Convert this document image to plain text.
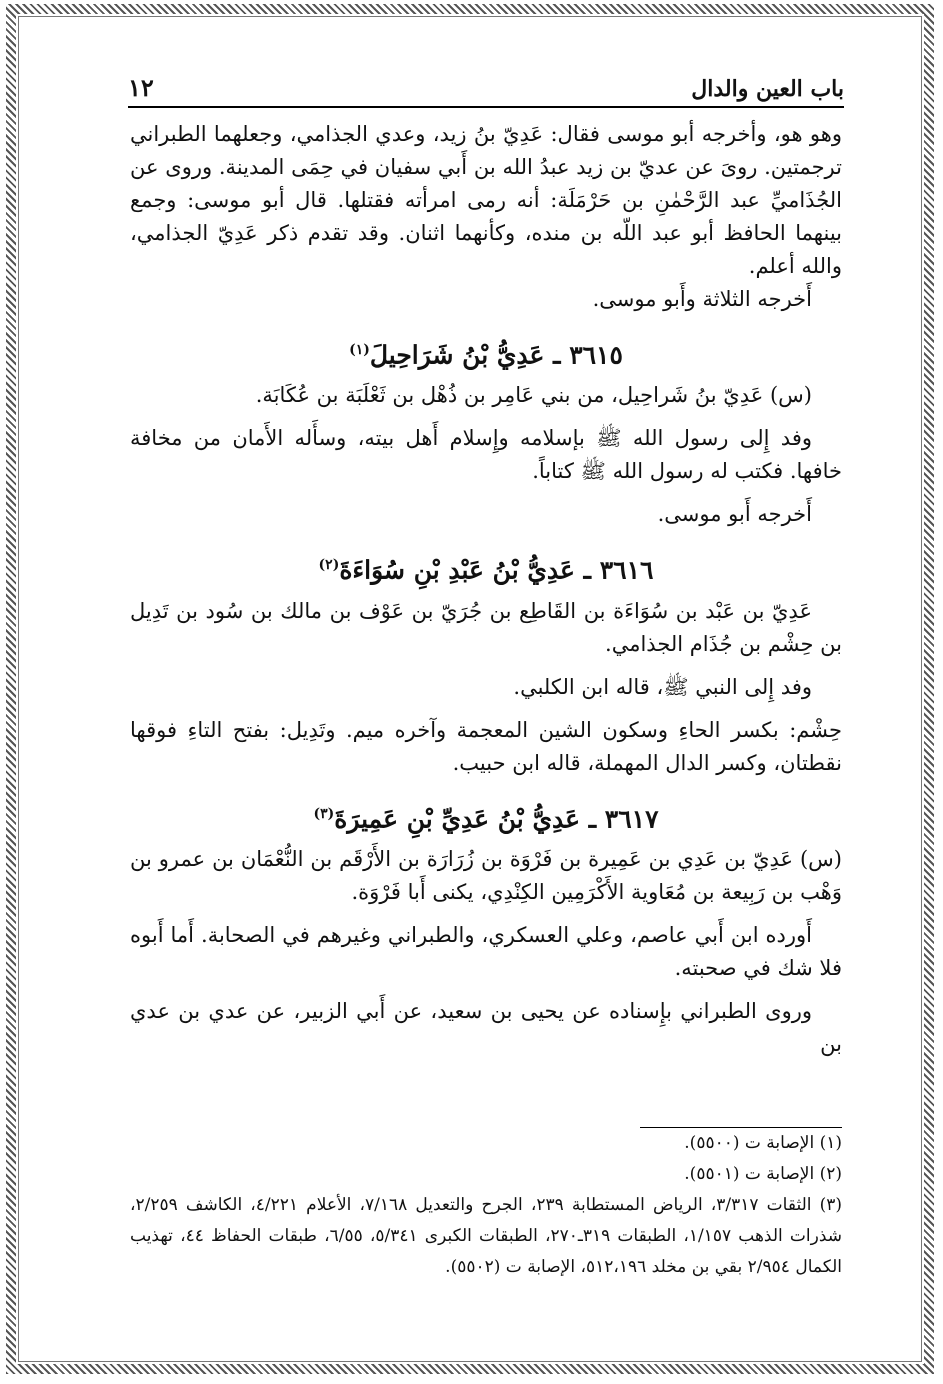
باب العين والدال
١٢

وهو هو، وأخرجه أبو موسى فقال: عَدِيّ بنُ زيد، وعدي الجذامي، وجعلهما الطبراني ترجمتين. روىَ عن عديّ بن زيد عبدُ الله بن أَبي سفيان في حِمَى المدينة. وروى عن الجُذَاميِّ عبد الرَّحْمٰنِ بن حَرْمَلَة: أنه رمى امرأته فقتلها. قال أبو موسى: وجمع بينهما الحافظ أبو عبد اللّه بن منده، وكأنهما اثنان. وقد تقدم ذكر عَدِيّ الجذامي، والله أعلم.

أَخرجه الثلاثة وأَبو موسى.

٣٦١٥ ـ عَدِيُّ بْنُ شَرَاحِيلَ$^{(١)}$

(س) عَدِيّ بنُ شَراحِيل، من بني عَامِر بن ذُهْل بن ثَعْلَبَة بن عُكَابَة.

وفد إِلى رسول الله ﷺ بإسلامه وإِسلام أَهل بيته، وسأَله الأَمان من مخافة خافها. فكتب له رسول الله ﷺ كتاباً.

أَخرجه أَبو موسى.

٣٦١٦ ـ عَدِيُّ بْنُ عَبْدِ بْنِ سُوَاءَةَ$^{(٢)}$

عَدِيّ بن عَبْد بن سُوَاءَة بن القَاطِع بن جُرَيّ بن عَوْف بن مالك بن سُود بن تَدِيل بن حِشْم بن جُذَام الجذامي.

وفد إِلى النبي ﷺ، قاله ابن الكلبي.

حِشْم: بكسر الحاءِ وسكون الشين المعجمة وآخره ميم. وتَدِيل: بفتح التاءِ فوقها نقطتان، وكسر الدال المهملة، قاله ابن حبيب.

٣٦١٧ ـ عَدِيُّ بْنُ عَدِيِّ بْنِ عَمِيرَةَ$^{(٣)}$

(س) عَدِيّ بن عَدِي بن عَمِيرة بن فَرْوَة بن زُرَارَة بن الأَرْقَم بن النُّعْمَان بن عمرو بن وَهْب بن رَبِيعة بن مُعَاوية الأَكْرَمِين الكِنْدِي، يكنى أَبا فَرْوَة.

أَورده ابن أَبي عاصم، وعلي العسكري، والطبراني وغيرهم في الصحابة. أَما أَبوه فلا شك في صحبته.

وروى الطبراني بإِسناده عن يحيى بن سعيد، عن أَبي الزبير، عن عدي بن عدي بن

(١) الإصابة ت (٥٥٠٠).

(٢) الإصابة ت (٥٥٠١).

(٣) الثقات ٣/٣١٧، الرياض المستطابة ٢٣٩، الجرح والتعديل ٧/١٦٨، الأعلام ٤/٢٢١، الكاشف ٢/٢٥٩، شذرات الذهب ١/١٥٧، الطبقات ٣١٩ـ٢٧٠، الطبقات الكبرى ٥/٣٤١، ٦/٥٥، طبقات الحفاظ ٤٤، تهذيب الكمال ٢/٩٥٤ بقي بن مخلد ٥١٢،١٩٦، الإصابة ت (٥٥٠٢).
